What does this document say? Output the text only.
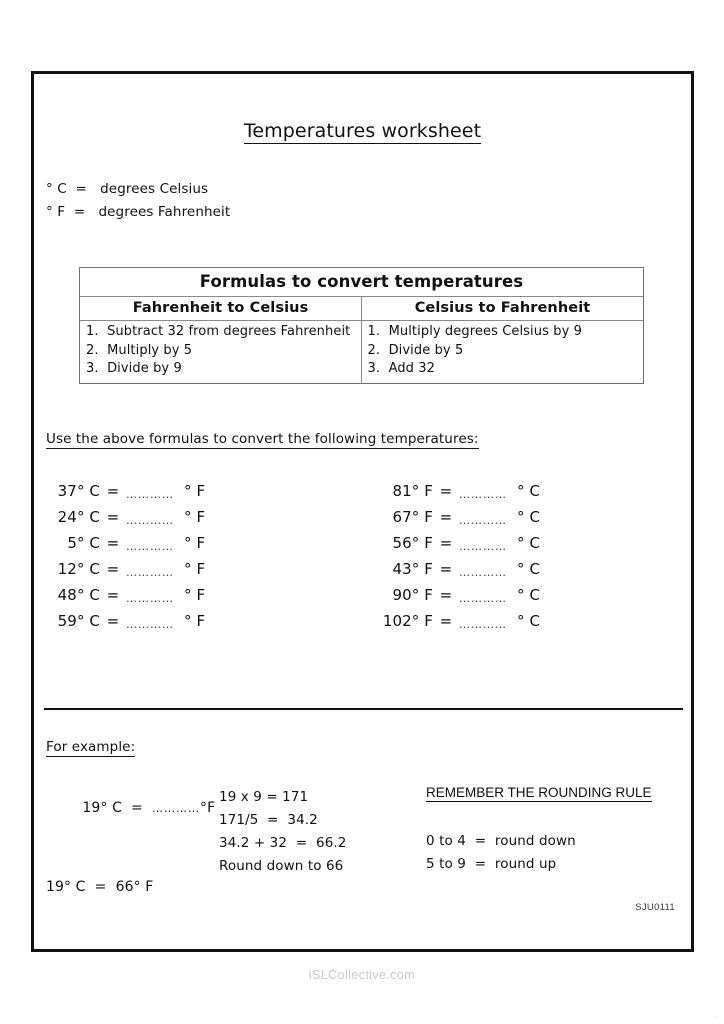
Temperatures worksheet
° C  =   degrees Celsius
° F  =   degrees Fahrenheit
Formulas to convert temperatures
Fahrenheit to Celsius	Celsius to Fahrenheit
1.  Subtract 32 from degrees Fahrenheit
2.  Multiply by 5
3.  Divide by 9
1.  Multiply degrees Celsius by 9
2.  Divide by 5
3.  Add 32
Use the above formulas to convert the following temperatures:
37° C = ………… ° F
24° C = ………… ° F
5° C = ………… ° F
12° C = ………… ° F
48° C = ………… ° F
59° C = ………… ° F
81° F = ………… ° C
67° F = ………… ° C
56° F = ………… ° C
43° F = ………… ° C
90° F = ………… ° C
102° F = ………… ° C
For example:

19° C  =  …………°F

19° C  =  66° F
19 x 9 = 171
171/5  =  34.2
34.2 + 32  =  66.2
Round down to 66
REMEMBER THE ROUNDING RULE
0 to 4  =  round down
5 to 9  =  round up
SJU0111
iSLCollective.com
.
